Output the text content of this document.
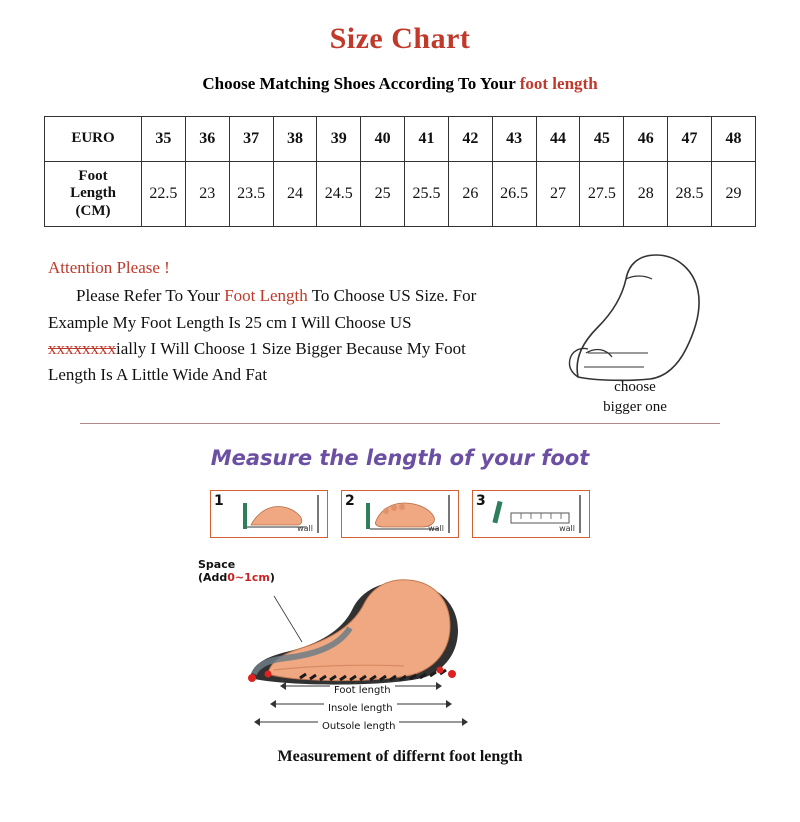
Size Chart
Choose Matching Shoes According To Your foot length
EURO	35	36	37	38	39	40	41	42	43	44	45	46	47	48

Foot
Length
(CM)	22.5	23	23.5	24	24.5	25	25.5	26	26.5	27	27.5	28	28.5	29
Attention Please !
Please Refer To Your Foot Length To Choose US Size. For Example My Foot Length Is 25 cm I Will Choose US xxxxxxxxially I Will Choose 1 Size Bigger Because My Foot Length Is A Little Wide And Fat
choose
bigger one
Measure the length of your foot
1
wall
2
wall
3
wall
Space
(Add0~1cm)
Foot length
Insole length
Outsole length
Measurement of differnt foot length
